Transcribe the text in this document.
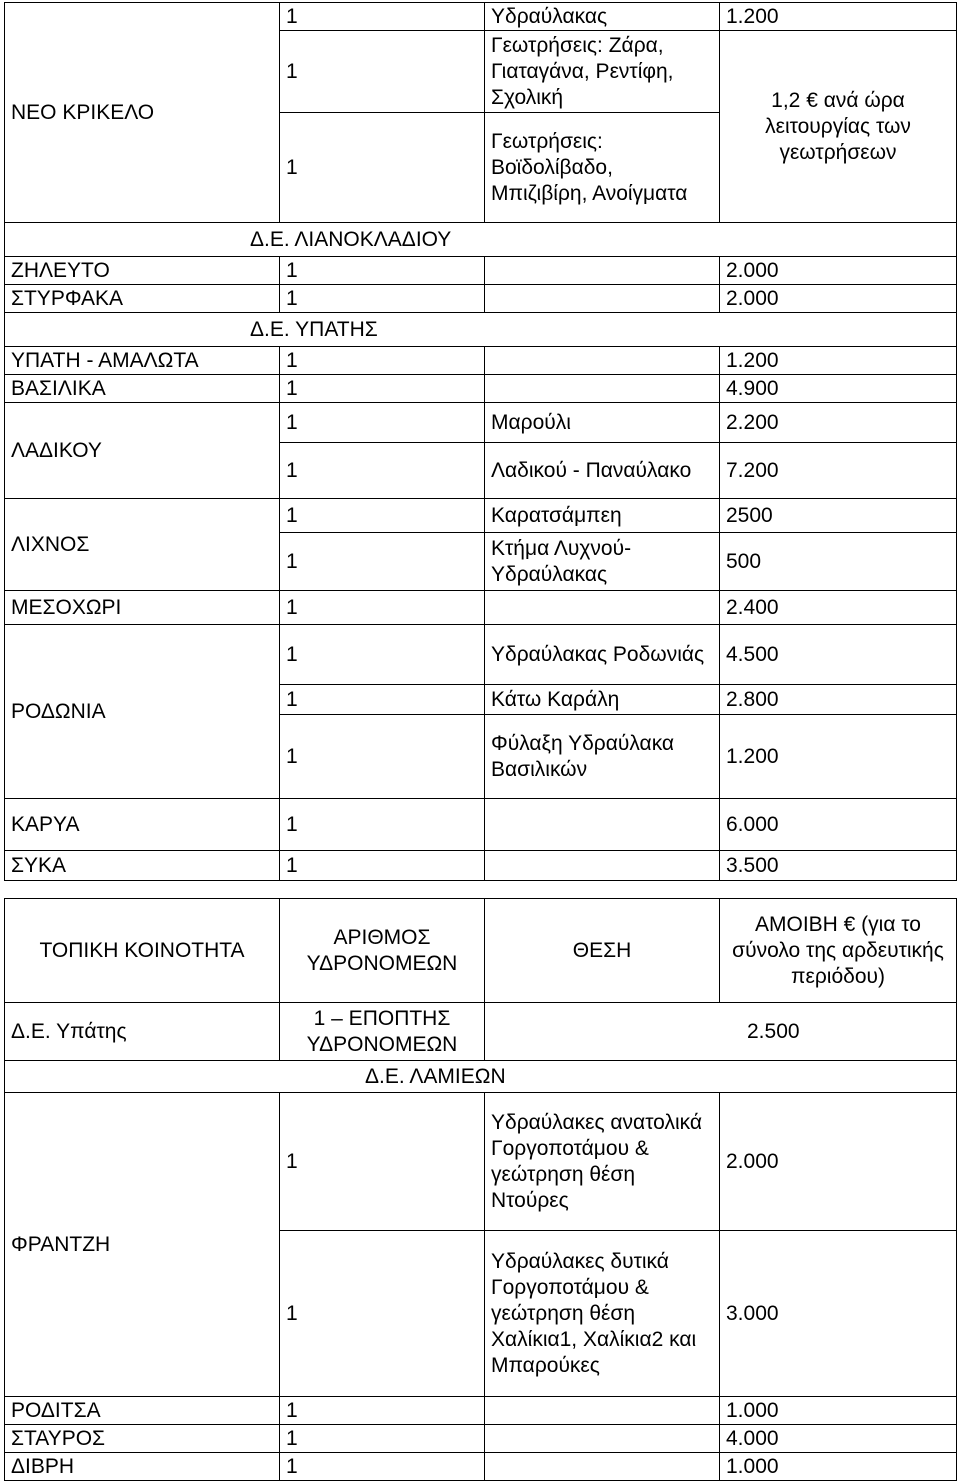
ΝΕΟ ΚΡΙΚΕΛΟ	1	Υδραύλακας	1.200
	1	Γεωτρήσεις: Ζάρα, Γιαταγάνα, Ρεντίφη, Σχολική	1,2 € ανά ώρα λειτουργίας των γεωτρήσεων
	1	Γεωτρήσεις: Βοϊδολίβαδο, Μπιζιβίρη, Ανοίγματα	
Δ.Ε. ΛΙΑΝΟΚΛΑΔΙΟΥ			
ΖΗΛΕΥΤΟ	1		2.000
ΣΤΥΡΦΑΚΑ	1		2.000
Δ.Ε. ΥΠΑΤΗΣ			
ΥΠΑΤΗ - ΑΜΑΛΩΤΑ	1		1.200
ΒΑΣΙΛΙΚΑ	1		4.900
ΛΑΔΙΚΟΥ	1	Μαρούλι	2.200
	1	Λαδικού - Παναύλακο	7.200
ΛΙΧΝΟΣ	1	Καρατσάμπεη	2500
	1	Κτήμα Λυχνού- Υδραύλακας	500
ΜΕΣΟΧΩΡΙ	1		2.400
ΡΟΔΩΝΙΑ	1	Υδραύλακας Ροδωνιάς	4.500
	1	Κάτω Καράλη	2.800
	1	Φύλαξη Υδραύλακα Βασιλικών	1.200
ΚΑΡΥΑ	1		6.000
ΣΥΚΑ	1		3.500
ΤΟΠΙΚΗ ΚΟΙΝΟΤΗΤΑ	ΑΡΙΘΜΟΣ ΥΔΡΟΝΟΜΕΩΝ	ΘΕΣΗ	ΑΜΟΙΒΗ € (για το σύνολο της αρδευτικής περιόδου)
Δ.Ε. Υπάτης	1 – ΕΠΟΠΤΗΣ ΥΔΡΟΝΟΜΕΩΝ	2.500	
Δ.Ε. ΛΑΜΙΕΩΝ			
ΦΡΑΝΤΖΗ	1	Υδραύλακες ανατολικά Γοργοποτάμου & γεώτρηση θέση Ντούρες	2.000
	1	Υδραύλακες δυτικά Γοργοποτάμου & γεώτρηση θέση Χαλίκια1, Χαλίκια2 και Μπαρούκες	3.000
ΡΟΔΙΤΣΑ	1		1.000
ΣΤΑΥΡΟΣ	1		4.000
ΔΙΒΡΗ	1		1.000
